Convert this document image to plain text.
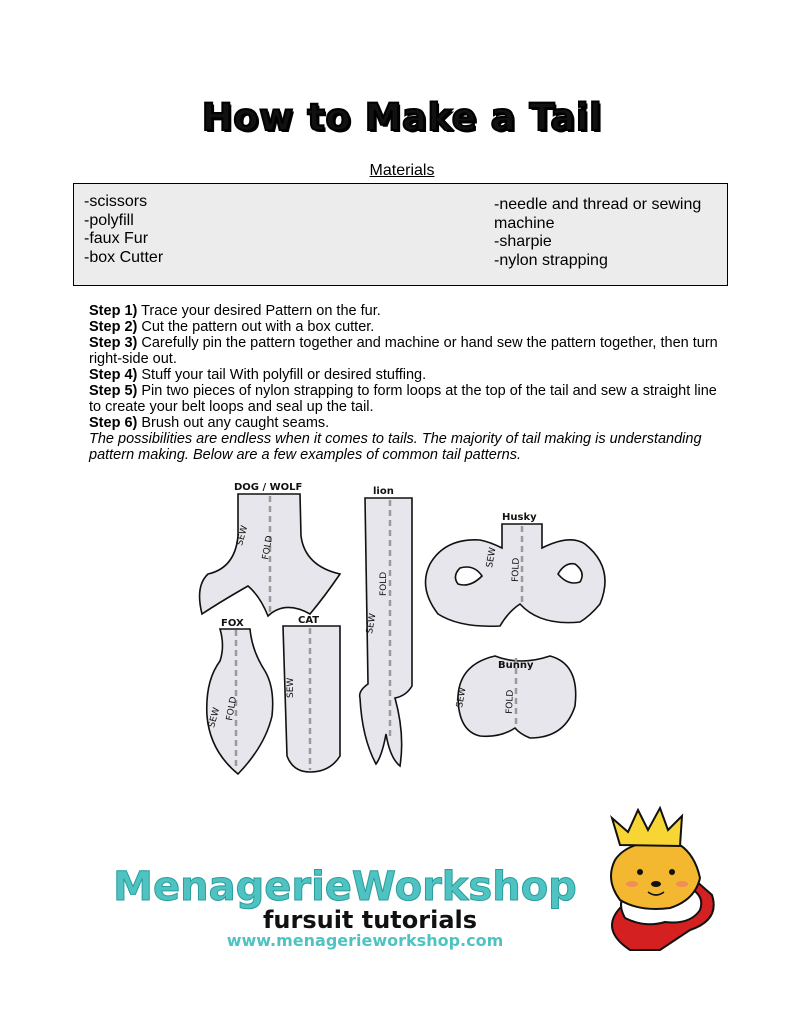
How to Make a Tail
Materials
-scissors
-polyfill
-faux Fur
-box Cutter
-needle and thread or sewing machine
-sharpie
-nylon strapping
Step 1) Trace your desired Pattern on the fur.
Step 2) Cut the pattern out with a box cutter.
Step 3) Carefully pin the pattern together and machine or hand sew the pattern together, then turn right-side out.
Step 4) Stuff your tail With polyfill or desired stuffing.
Step 5) Pin two pieces of nylon strapping to form loops at the top of the tail and sew a straight line to create your belt loops and seal up the tail.
Step 6) Brush out any caught seams.
The possibilities are endless when it comes to tails. The majority of tail making is understanding pattern making. Below are a few examples of common tail patterns.
DOG / WOLF	lion
Husky
FOX	CAT
Bunny
SEW
SEW
SEW
SEW
SEW	SEW
FOLD
FOLD
FOLD
FOLD	FOLD
MenagerieWorkshop
fursuit tutorials
www.menagerieworkshop.com
